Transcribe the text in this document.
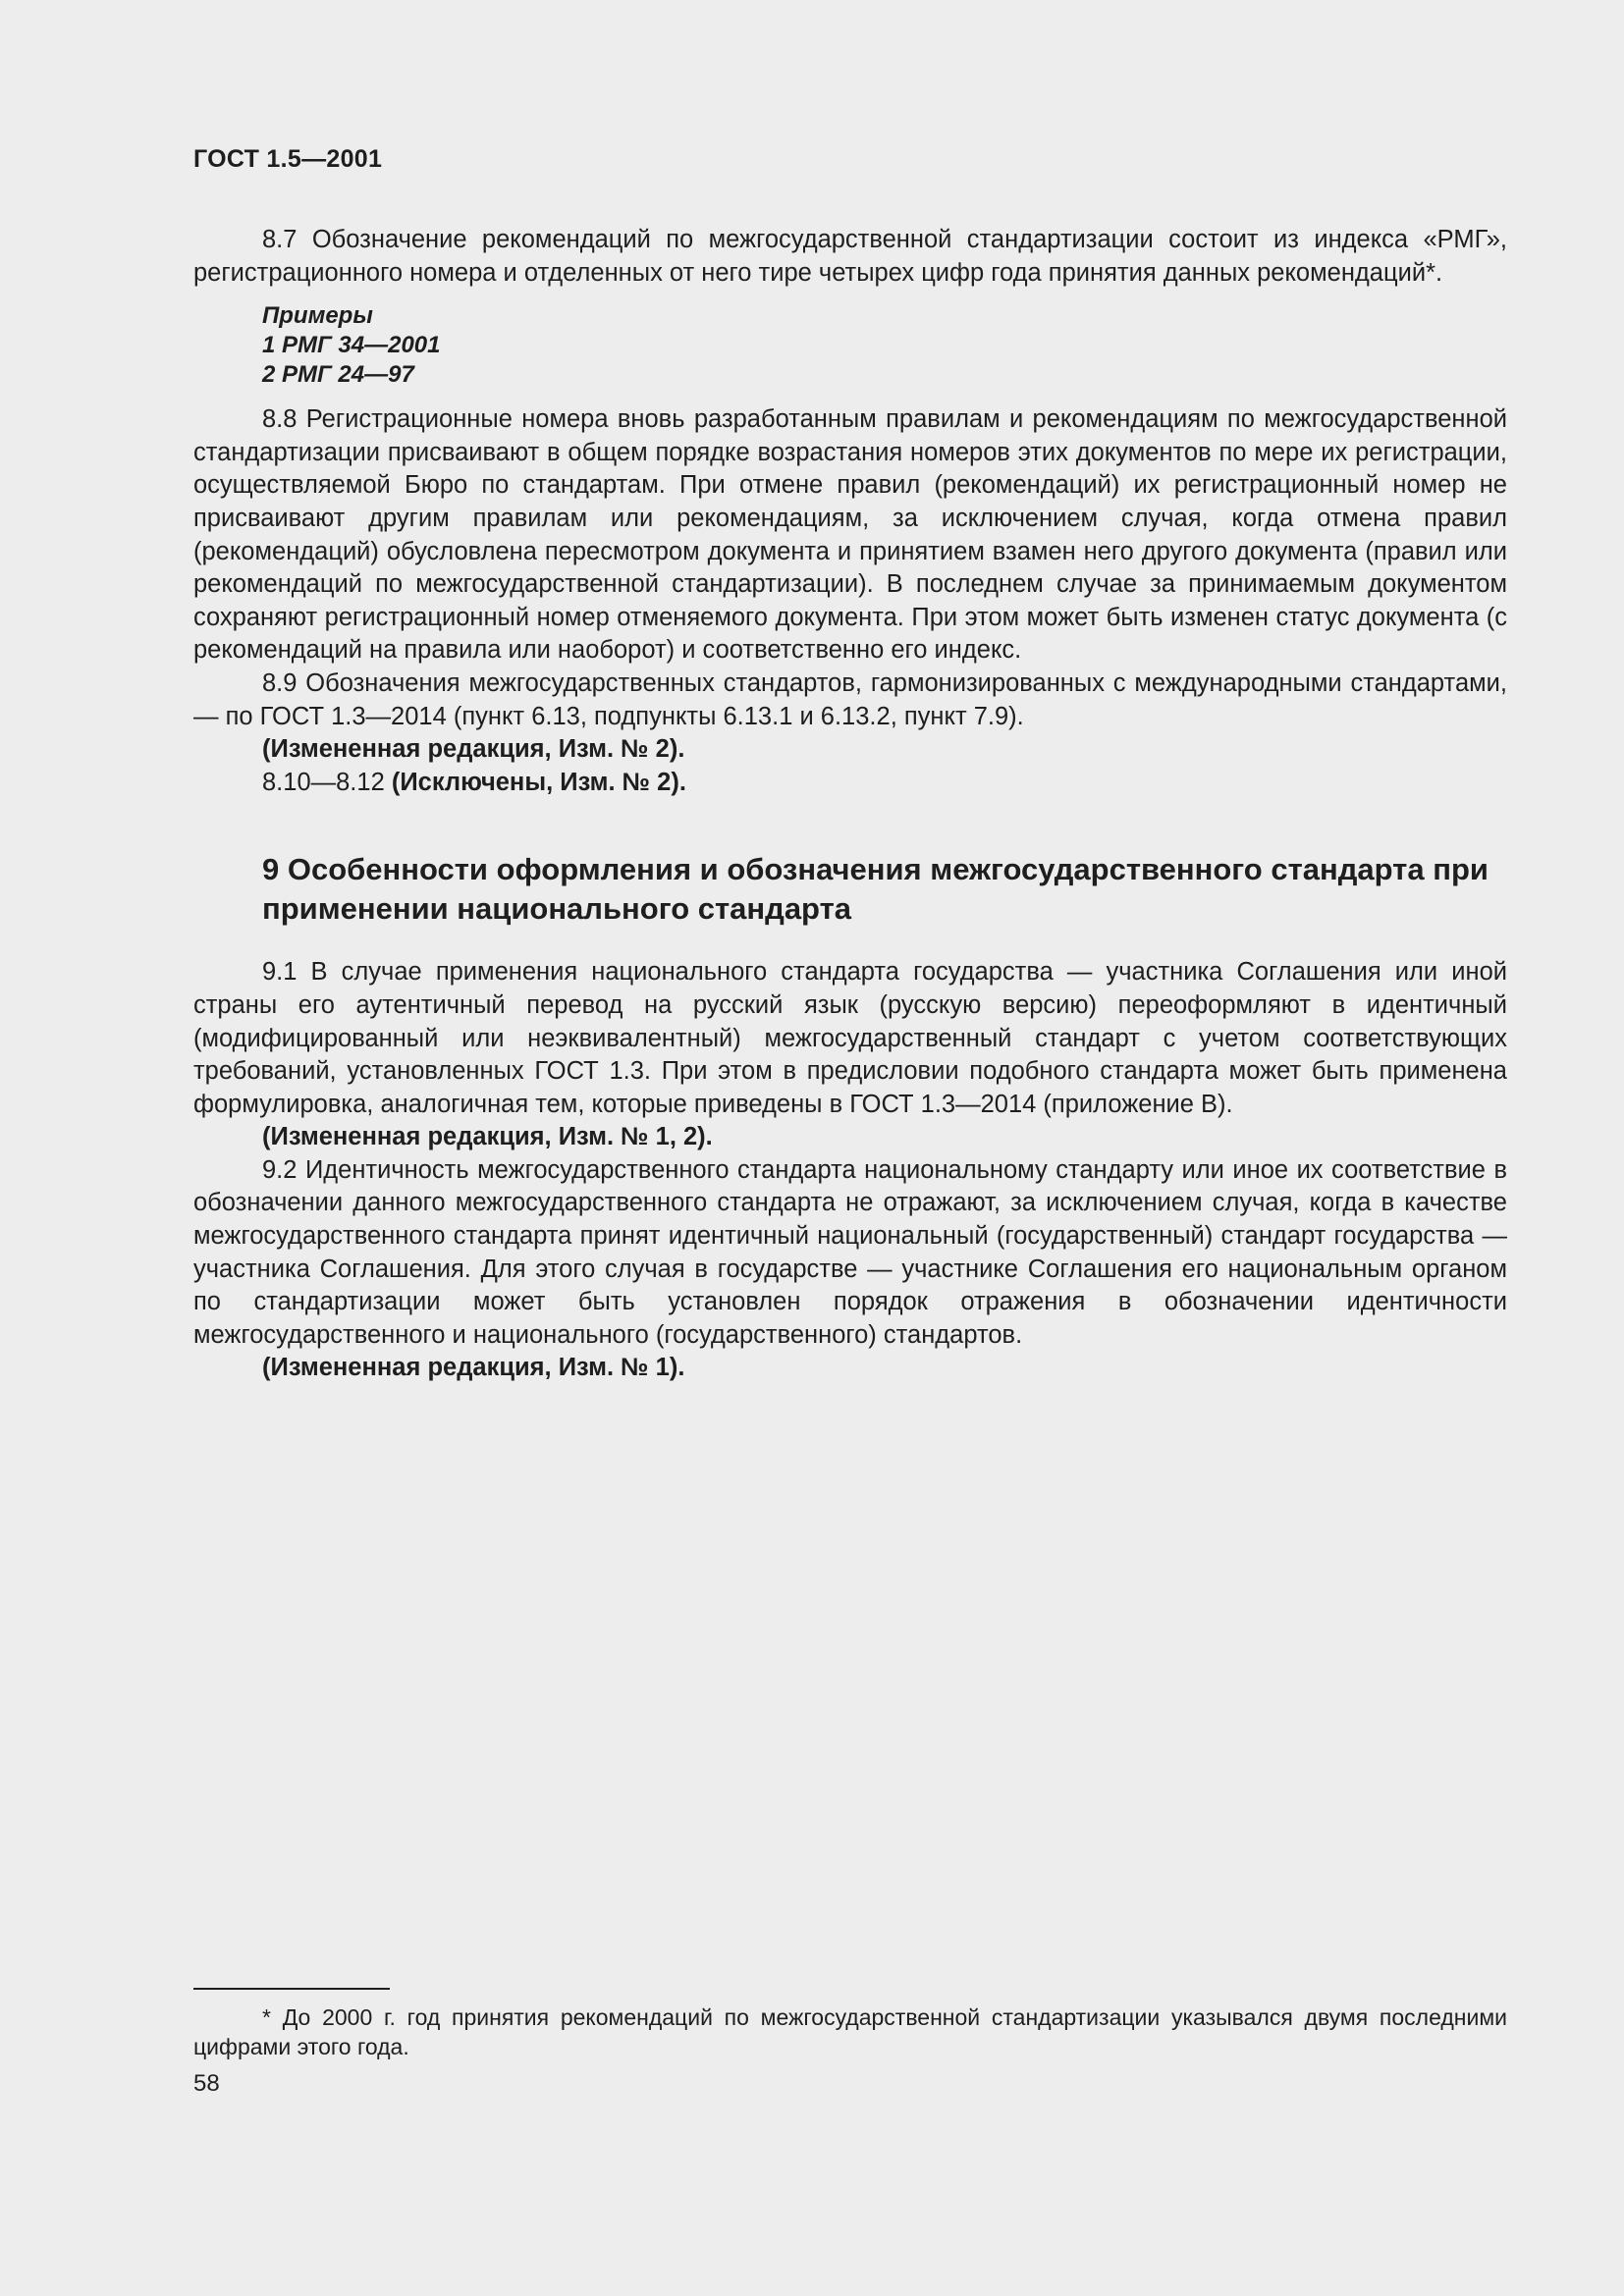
ГОСТ 1.5—2001

8.7 Обозначение рекомендаций по межгосударственной стандартизации состоит из индекса «РМГ», регистрационного номера и отделенных от него тире четырех цифр года принятия данных рекомендаций*.

Примеры
1 РМГ 34—2001
2 РМГ 24—97

8.8 Регистрационные номера вновь разработанным правилам и рекомендациям по межгосударственной стандартизации присваивают в общем порядке возрастания номеров этих документов по мере их регистрации, осуществляемой Бюро по стандартам. При отмене правил (рекомендаций) их регистрационный номер не присваивают другим правилам или рекомендациям, за исключением случая, когда отмена правил (рекомендаций) обусловлена пересмотром документа и принятием взамен него другого документа (правил или рекомендаций по межгосударственной стандартизации). В последнем случае за принимаемым документом сохраняют регистрационный номер отменяемого документа. При этом может быть изменен статус документа (с рекомендаций на правила или наоборот) и соответственно его индекс.

8.9 Обозначения межгосударственных стандартов, гармонизированных с международными стандартами, — по ГОСТ 1.3—2014 (пункт 6.13, подпункты 6.13.1 и 6.13.2, пункт 7.9).

(Измененная редакция, Изм. № 2).

8.10—8.12 (Исключены, Изм. № 2).

9 Особенности оформления и обозначения межгосударственного стандарта при применении национального стандарта

9.1 В случае применения национального стандарта государства — участника Соглашения или иной страны его аутентичный перевод на русский язык (русскую версию) переоформляют в идентичный (модифицированный или неэквивалентный) межгосударственный стандарт с учетом соответствующих требований, установленных ГОСТ 1.3. При этом в предисловии подобного стандарта может быть применена формулировка, аналогичная тем, которые приведены в ГОСТ 1.3—2014 (приложение В).

(Измененная редакция, Изм. № 1, 2).

9.2 Идентичность межгосударственного стандарта национальному стандарту или иное их соответствие в обозначении данного межгосударственного стандарта не отражают, за исключением случая, когда в качестве межгосударственного стандарта принят идентичный национальный (государственный) стандарт государства — участника Соглашения. Для этого случая в государстве — участнике Соглашения его национальным органом по стандартизации может быть установлен порядок отражения в обозначении идентичности межгосударственного и национального (государственного) стандартов.

(Измененная редакция, Изм. № 1).

* До 2000 г. год принятия рекомендаций по межгосударственной стандартизации указывался двумя последними цифрами этого года.

58
